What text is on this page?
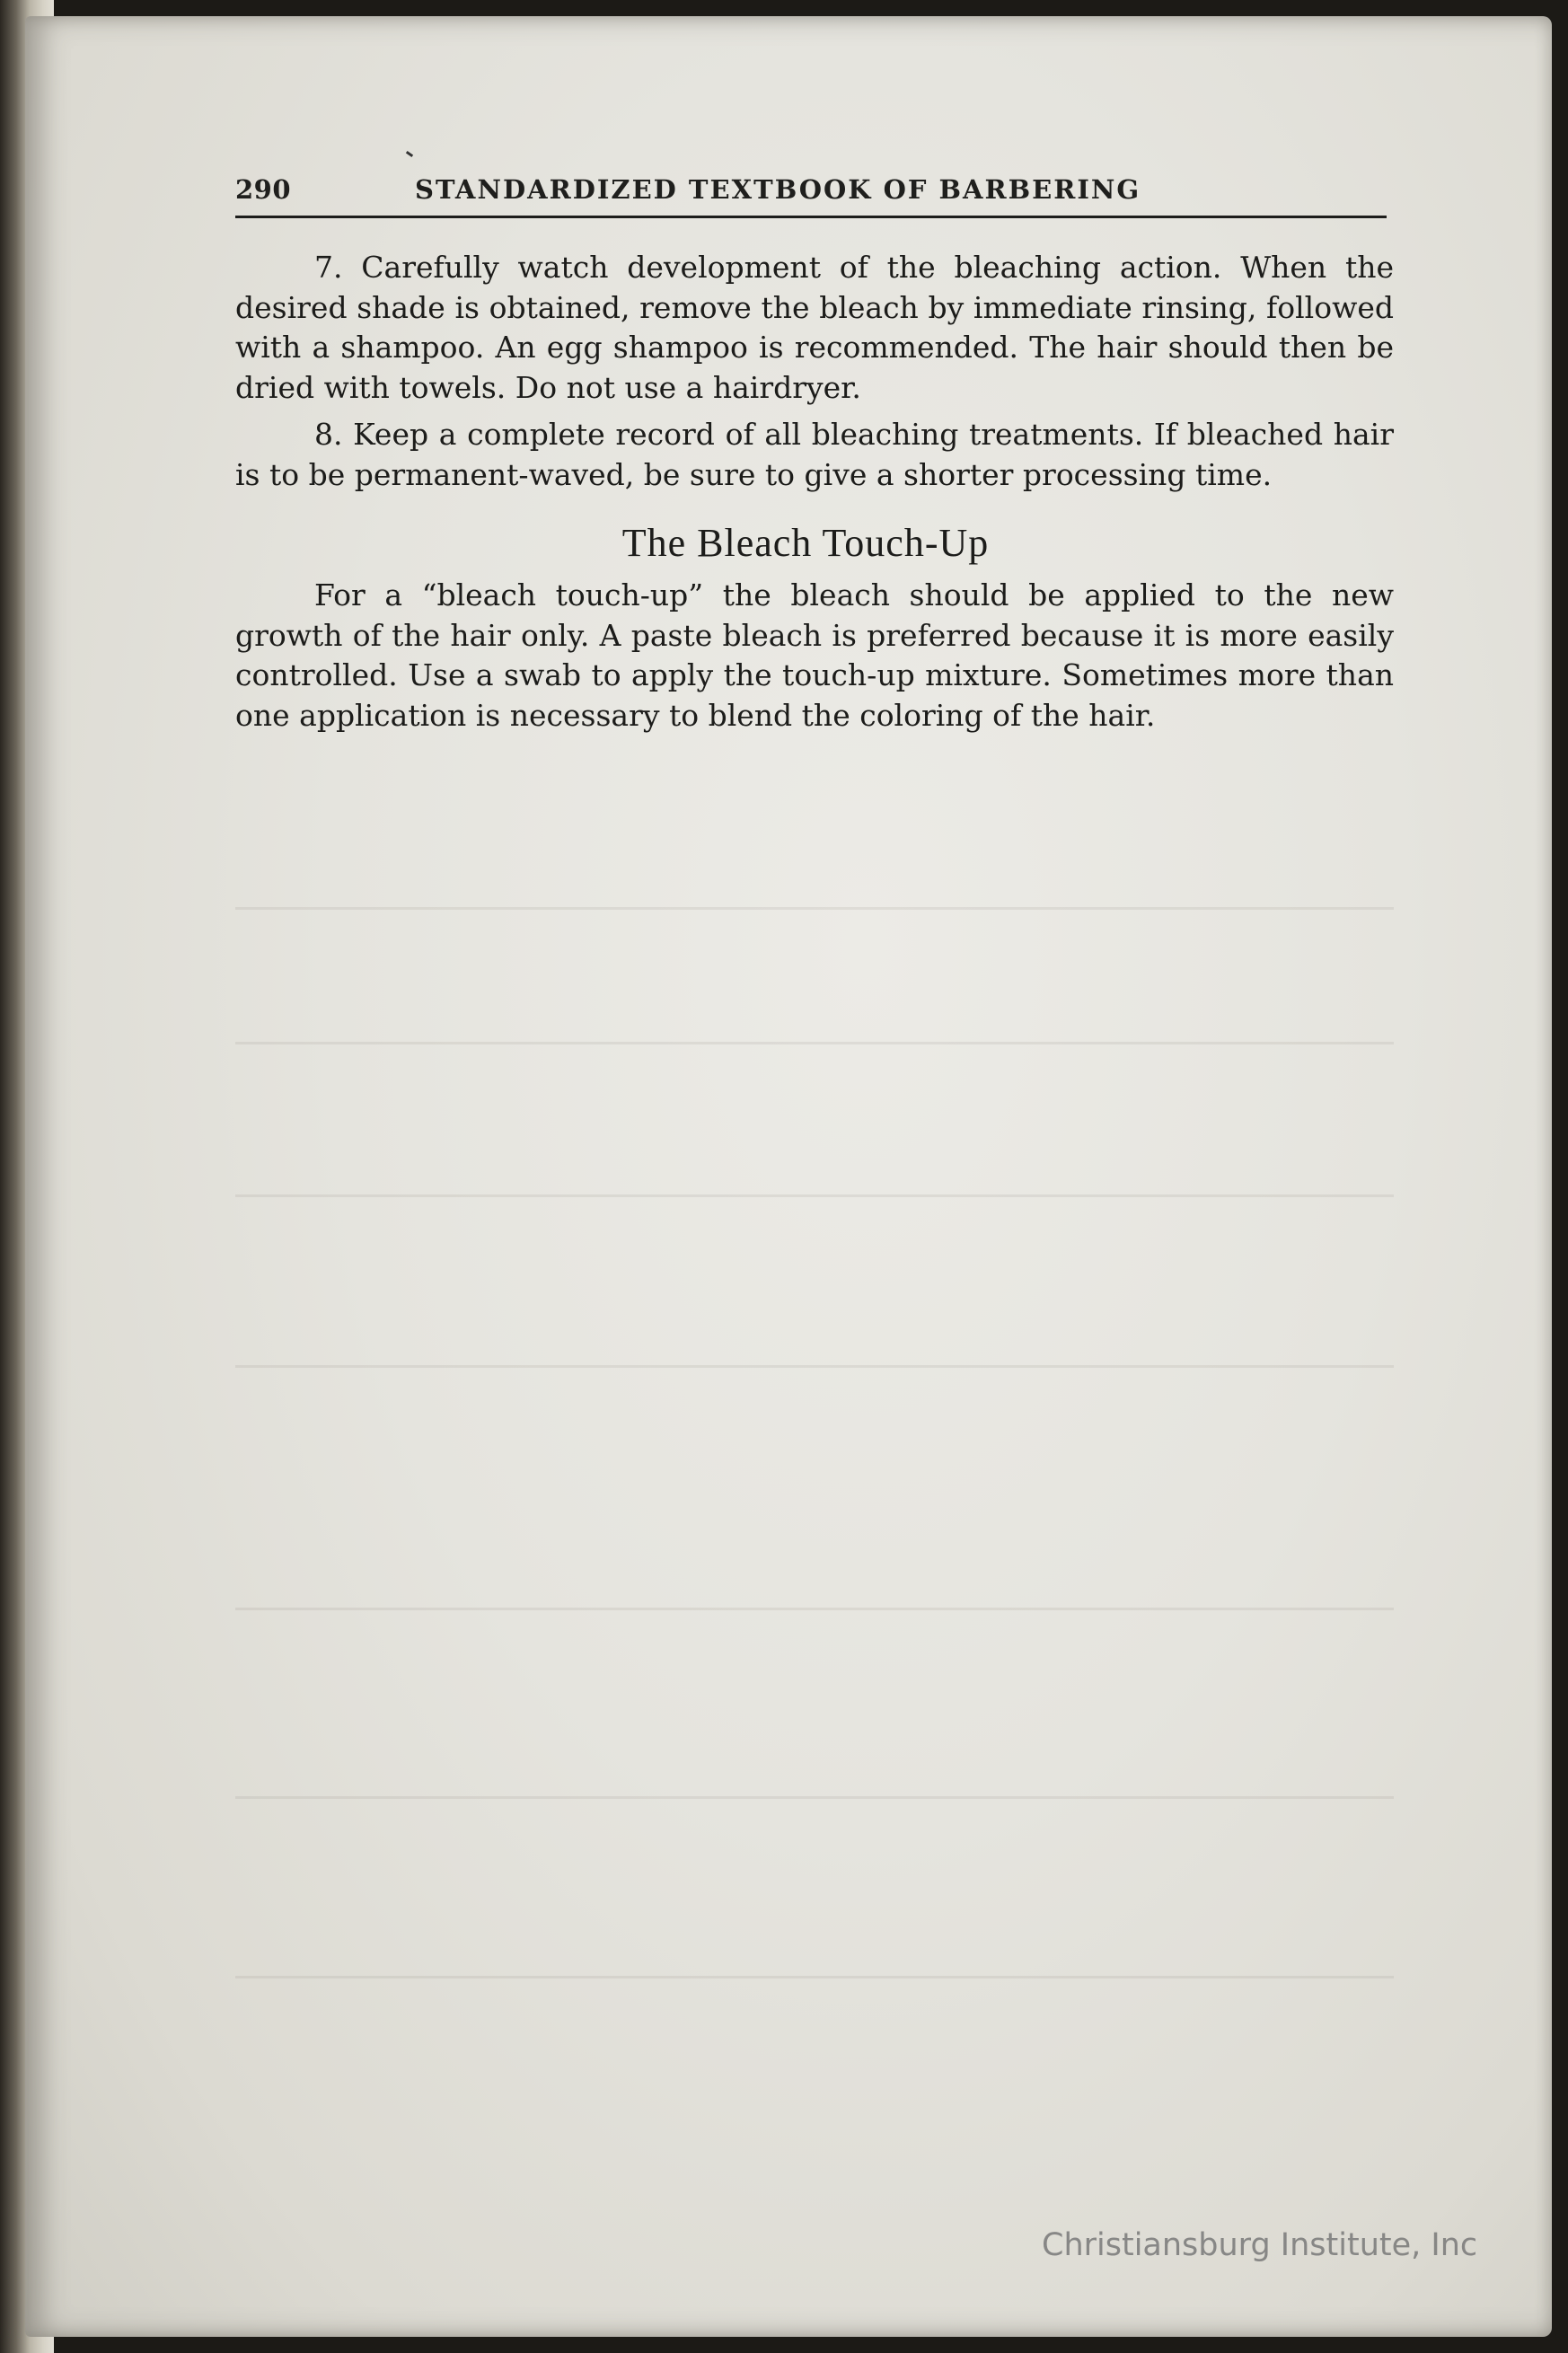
290	STANDARDIZED TEXTBOOK OF BARBERING

7. Carefully watch development of the bleaching action. When the desired shade is obtained, remove the bleach by immediate rinsing, followed with a shampoo. An egg shampoo is recommended. The hair should then be dried with towels. Do not use a hairdryer.

8. Keep a complete record of all bleaching treatments. If bleached hair is to be permanent-waved, be sure to give a shorter processing time.

The Bleach Touch-Up

For a “bleach touch-up” the bleach should be applied to the new growth of the hair only. A paste bleach is preferred because it is more easily controlled. Use a swab to apply the touch-up mixture. Sometimes more than one application is necessary to blend the coloring of the hair.

Christiansburg Institute, Inc
